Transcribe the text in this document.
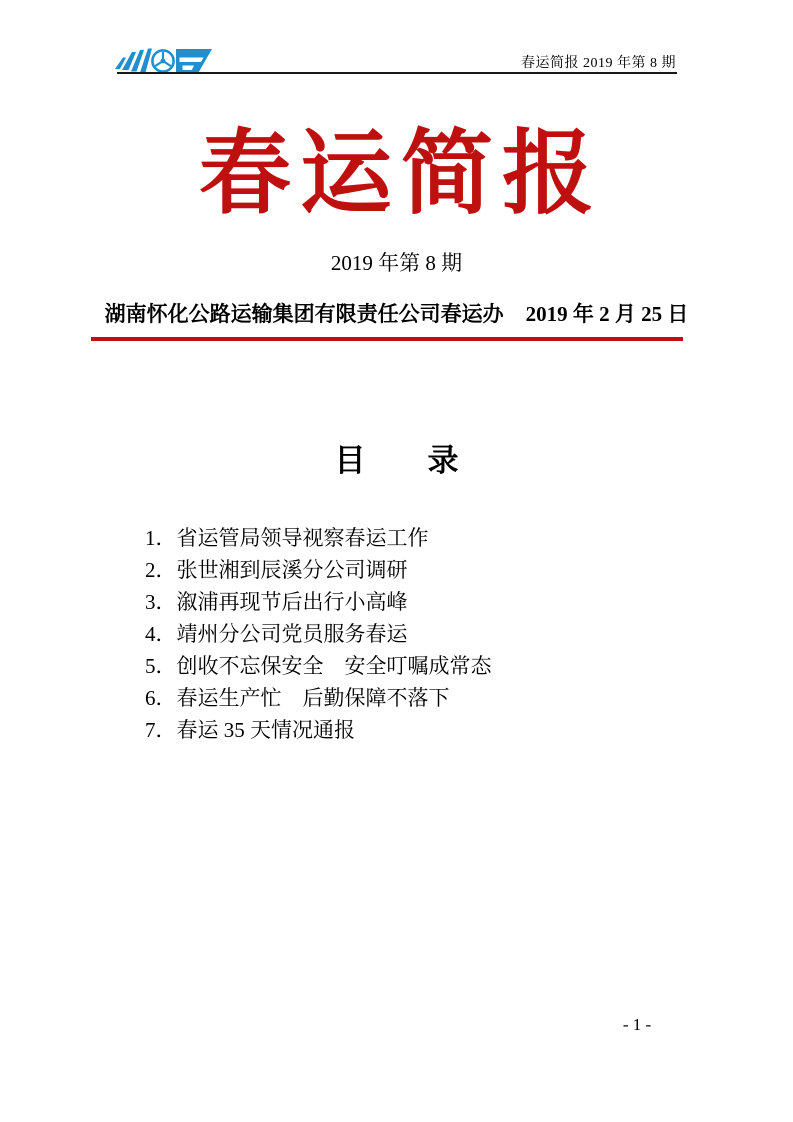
春运简报 2019 年第 8 期
春运简报
2019 年第 8 期
湖南怀化公路运输集团有限责任公司春运办 2019 年 2 月 25 日
目　　录
1．省运管局领导视察春运工作
2．张世湘到辰溪分公司调研
3．溆浦再现节后出行小高峰
4．靖州分公司党员服务春运
5．创收不忘保安全　安全叮嘱成常态
6．春运生产忙　后勤保障不落下
7．春运 35 天情况通报
- 1 -
